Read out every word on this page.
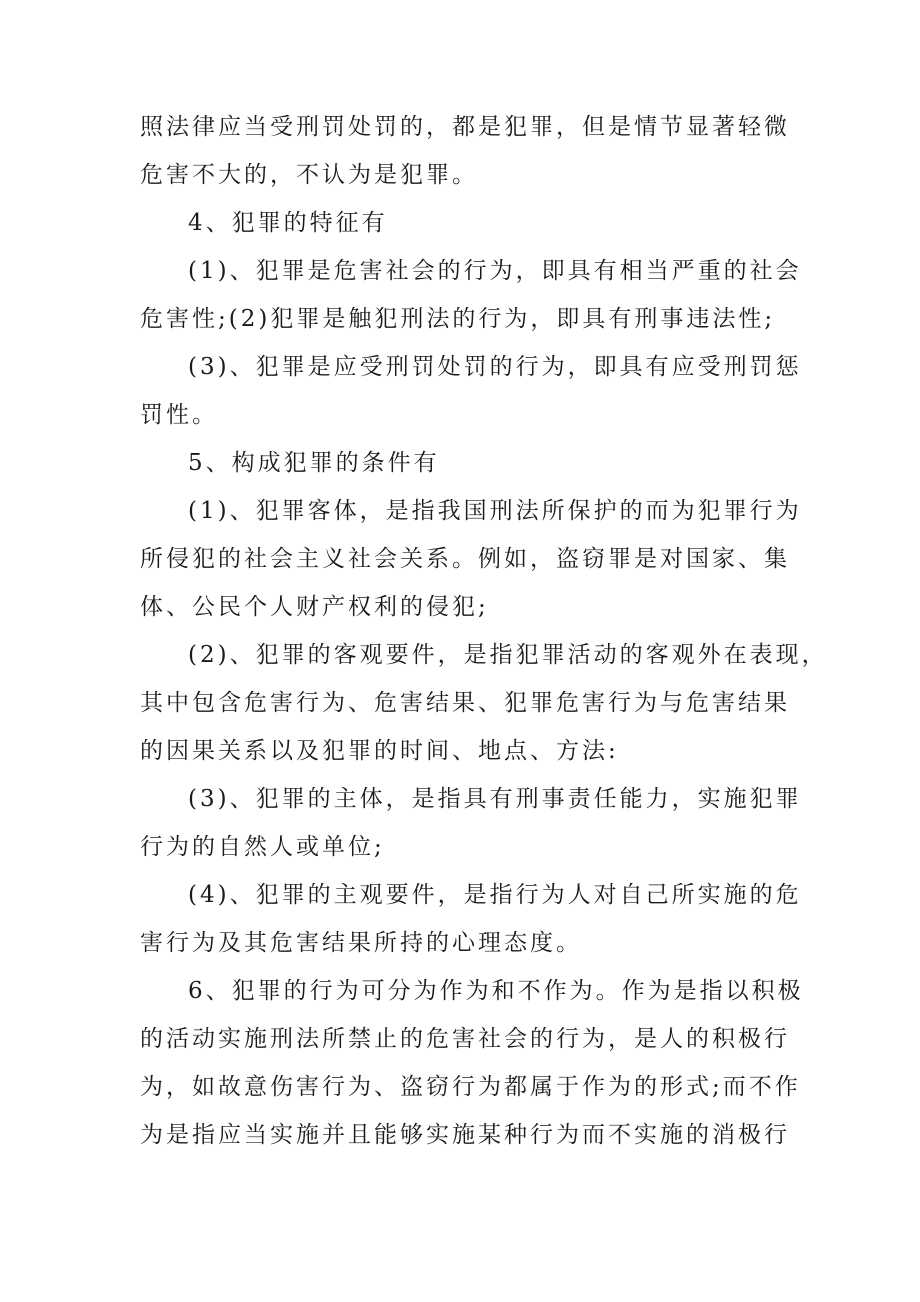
照法律应当受刑罚处罚的，都是犯罪，但是情节显著轻微
危害不大的，不认为是犯罪。
4、犯罪的特征有
(1)、犯罪是危害社会的行为，即具有相当严重的社会
危害性;(2)犯罪是触犯刑法的行为，即具有刑事违法性;
(3)、犯罪是应受刑罚处罚的行为，即具有应受刑罚惩
罚性。
5、构成犯罪的条件有
(1)、犯罪客体，是指我国刑法所保护的而为犯罪行为
所侵犯的社会主义社会关系。例如，盗窃罪是对国家、集
体、公民个人财产权利的侵犯;
(2)、犯罪的客观要件，是指犯罪活动的客观外在表现，
其中包含危害行为、危害结果、犯罪危害行为与危害结果
的因果关系以及犯罪的时间、地点、方法:
(3)、犯罪的主体，是指具有刑事责任能力，实施犯罪
行为的自然人或单位;
(4)、犯罪的主观要件，是指行为人对自己所实施的危
害行为及其危害结果所持的心理态度。
6、犯罪的行为可分为作为和不作为。作为是指以积极
的活动实施刑法所禁止的危害社会的行为，是人的积极行
为，如故意伤害行为、盗窃行为都属于作为的形式;而不作
为是指应当实施并且能够实施某种行为而不实施的消极行
